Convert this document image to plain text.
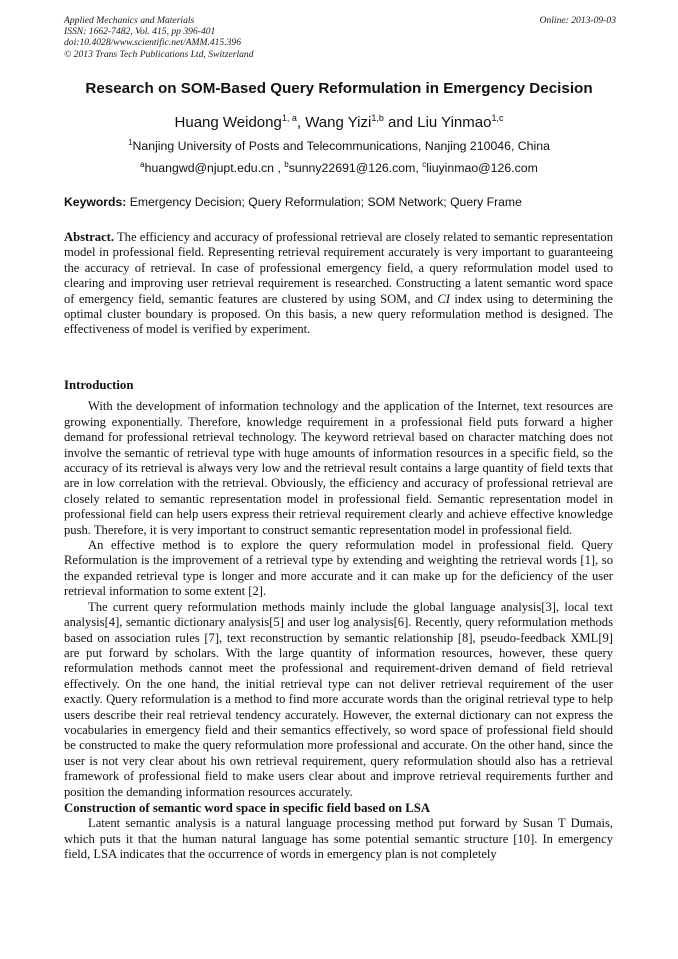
Applied Mechanics and Materials
ISSN: 1662-7482, Vol. 415, pp 396-401
doi:10.4028/www.scientific.net/AMM.415.396
© 2013 Trans Tech Publications Ltd, Switzerland
Online: 2013-09-03
Research on SOM-Based Query Reformulation in Emergency Decision
Huang Weidong$^{1, a}$, Wang Yizi$^{1,b}$ and Liu Yinmao$^{1,c}$
$^1$Nanjing University of Posts and Telecommunications, Nanjing 210046, China
$^a$huangwd@njupt.edu.cn , $^b$sunny22691@126.com, $^c$liuyinmao@126.com
Keywords: Emergency Decision; Query Reformulation; SOM Network; Query Frame

Abstract. The efficiency and accuracy of professional retrieval are closely related to semantic representation model in professional field. Representing retrieval requirement accurately is very important to guaranteeing the accuracy of retrieval. In case of professional emergency field, a query reformulation model used to clearing and improving user retrieval requirement is researched. Constructing a latent semantic word space of emergency field, semantic features are clustered by using SOM, and CI index using to determining the optimal cluster boundary is proposed. On this basis, a new query reformulation method is designed. The effectiveness of model is verified by experiment.

Introduction

With the development of information technology and the application of the Internet, text resources are growing exponentially. Therefore, knowledge requirement in a professional field puts forward a higher demand for professional retrieval technology. The keyword retrieval based on character matching does not involve the semantic of retrieval type with huge amounts of information resources in a specific field, so the accuracy of its retrieval is always very low and the retrieval result contains a large quantity of field texts that are in low correlation with the retrieval. Obviously, the efficiency and accuracy of professional retrieval are closely related to semantic representation model in professional field. Semantic representation model in professional field can help users express their retrieval requirement clearly and achieve effective knowledge push. Therefore, it is very important to construct semantic representation model in professional field.

An effective method is to explore the query reformulation model in professional field. Query Reformulation is the improvement of a retrieval type by extending and weighting the retrieval words [1], so the expanded retrieval type is longer and more accurate and it can make up for the deficiency of the user retrieval information to some extent [2].

The current query reformulation methods mainly include the global language analysis[3], local text analysis[4], semantic dictionary analysis[5] and user log analysis[6]. Recently, query reformulation methods based on association rules [7], text reconstruction by semantic relationship [8], pseudo-feedback XML[9] are put forward by scholars. With the large quantity of information resources, however, these query reformulation methods cannot meet the professional and requirement-driven demand of field retrieval effectively. On the one hand, the initial retrieval type can not deliver retrieval requirement of the user exactly. Query reformulation is a method to find more accurate words than the original retrieval type to help users describe their real retrieval tendency accurately. However, the external dictionary can not express the vocabularies in emergency field and their semantics effectively, so word space of professional field should be constructed to make the query reformulation more professional and accurate. On the other hand, since the user is not very clear about his own retrieval requirement, query reformulation should also has a retrieval framework of professional field to make users clear about and improve retrieval requirements further and position the demanding information resources accurately.

Construction of semantic word space in specific field based on LSA

Latent semantic analysis is a natural language processing method put forward by Susan T Dumais, which puts it that the human natural language has some potential semantic structure [10]. In emergency field, LSA indicates that the occurrence of words in emergency plan is not completely
